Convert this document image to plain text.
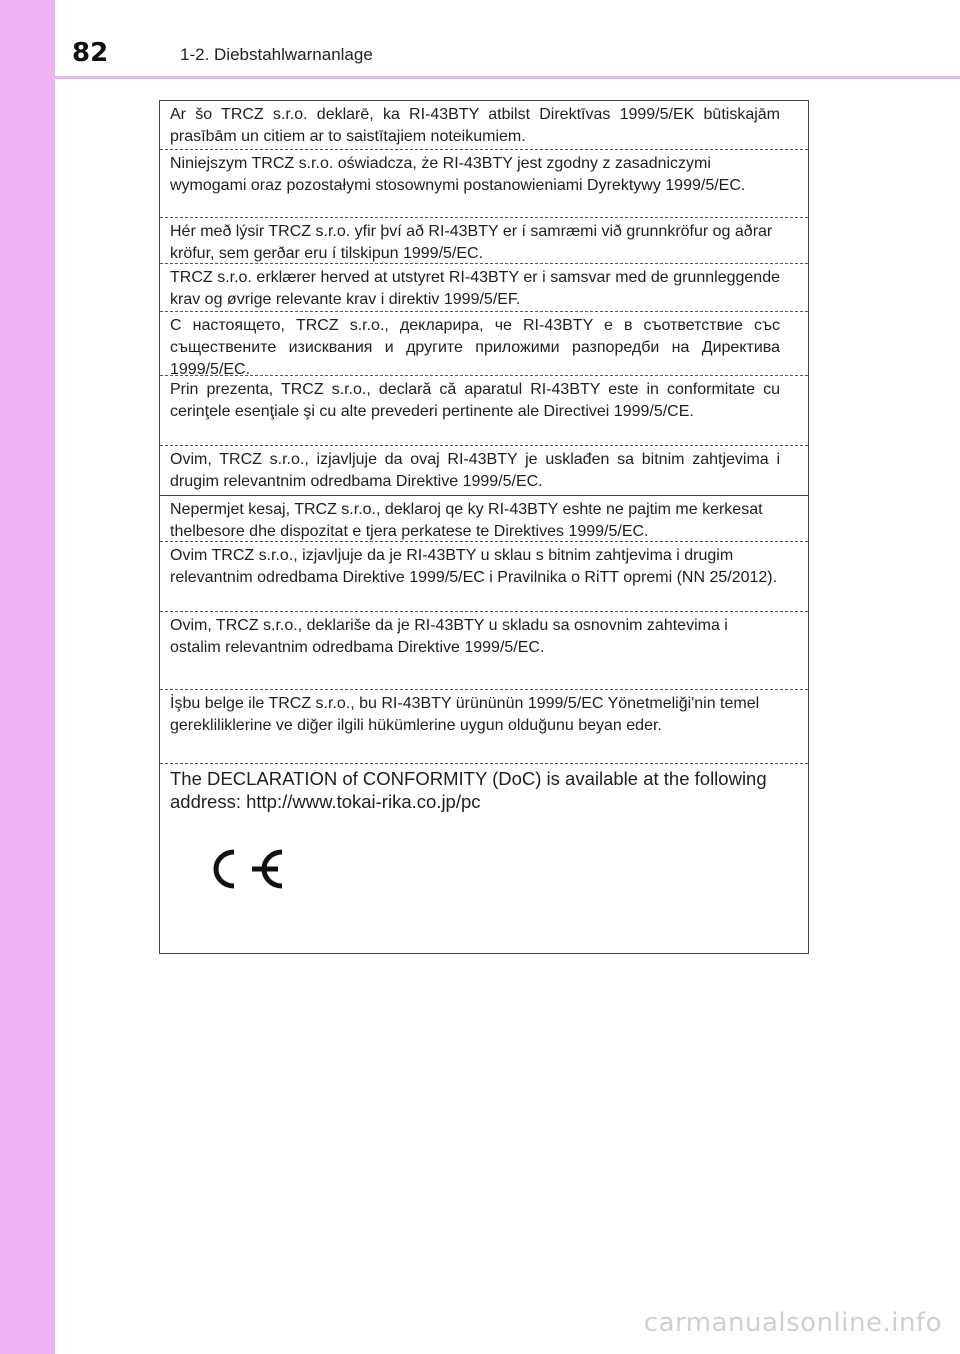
82	1-2. Diebstahlwarnanlage
Ar šo TRCZ s.r.o. deklarē, ka RI-43BTY atbilst Direktīvas 1999/5/EK būtiskajām prasībām un citiem ar to saistītajiem noteikumiem.
Niniejszym TRCZ s.r.o. oświadcza, że RI-43BTY jest zgodny z zasadniczymi wymogami oraz pozostałymi stosownymi postanowieniami Dyrektywy 1999/5/EC.
Hér með lýsir TRCZ s.r.o. yfir því að RI-43BTY er í samræmi við grunnkröfur og aðrar kröfur, sem gerðar eru í tilskipun 1999/5/EC.
TRCZ s.r.o. erklærer herved at utstyret RI-43BTY er i samsvar med de grunnleggende krav og øvrige relevante krav i direktiv 1999/5/EF.
С настоящето, TRCZ s.r.o., декларира, че RI-43BTY е в съответствие със съществените изисквания и другите приложими разпоредби на Директива 1999/5/ЕС.
Prin prezenta, TRCZ s.r.o., declară că aparatul RI-43BTY este in conformitate cu cerinţele esenţiale şi cu alte prevederi pertinente ale Directivei 1999/5/CE.
Ovim, TRCZ s.r.o., izjavljuje da ovaj RI-43BTY je usklađen sa bitnim zahtjevima i drugim relevantnim odredbama Direktive 1999/5/EC.
Nepermjet kesaj, TRCZ s.r.o., deklaroj qe ky RI-43BTY eshte ne pajtim me kerkesat thelbesore dhe dispozitat e tjera perkatese te Direktives 1999/5/EC.
Ovim TRCZ s.r.o., izjavljuje da je RI-43BTY u sklau s bitnim zahtjevima i drugim relevantnim odredbama Direktive 1999/5/EC i Pravilnika o RiTT opremi (NN 25/2012).
Ovim, TRCZ s.r.o., deklariše da je RI-43BTY u skladu sa osnovnim zahtevima i ostalim relevantnim odredbama Direktive 1999/5/EC.
İşbu belge ile TRCZ s.r.o., bu RI-43BTY ürününün 1999/5/EC Yönetmeliği'nin temel gerekliliklerine ve diğer ilgili hükümlerine uygun olduğunu beyan eder.
The DECLARATION of CONFORMITY (DoC) is available at the following address: http://www.tokai-rika.co.jp/pc
carmanualsonline.info
